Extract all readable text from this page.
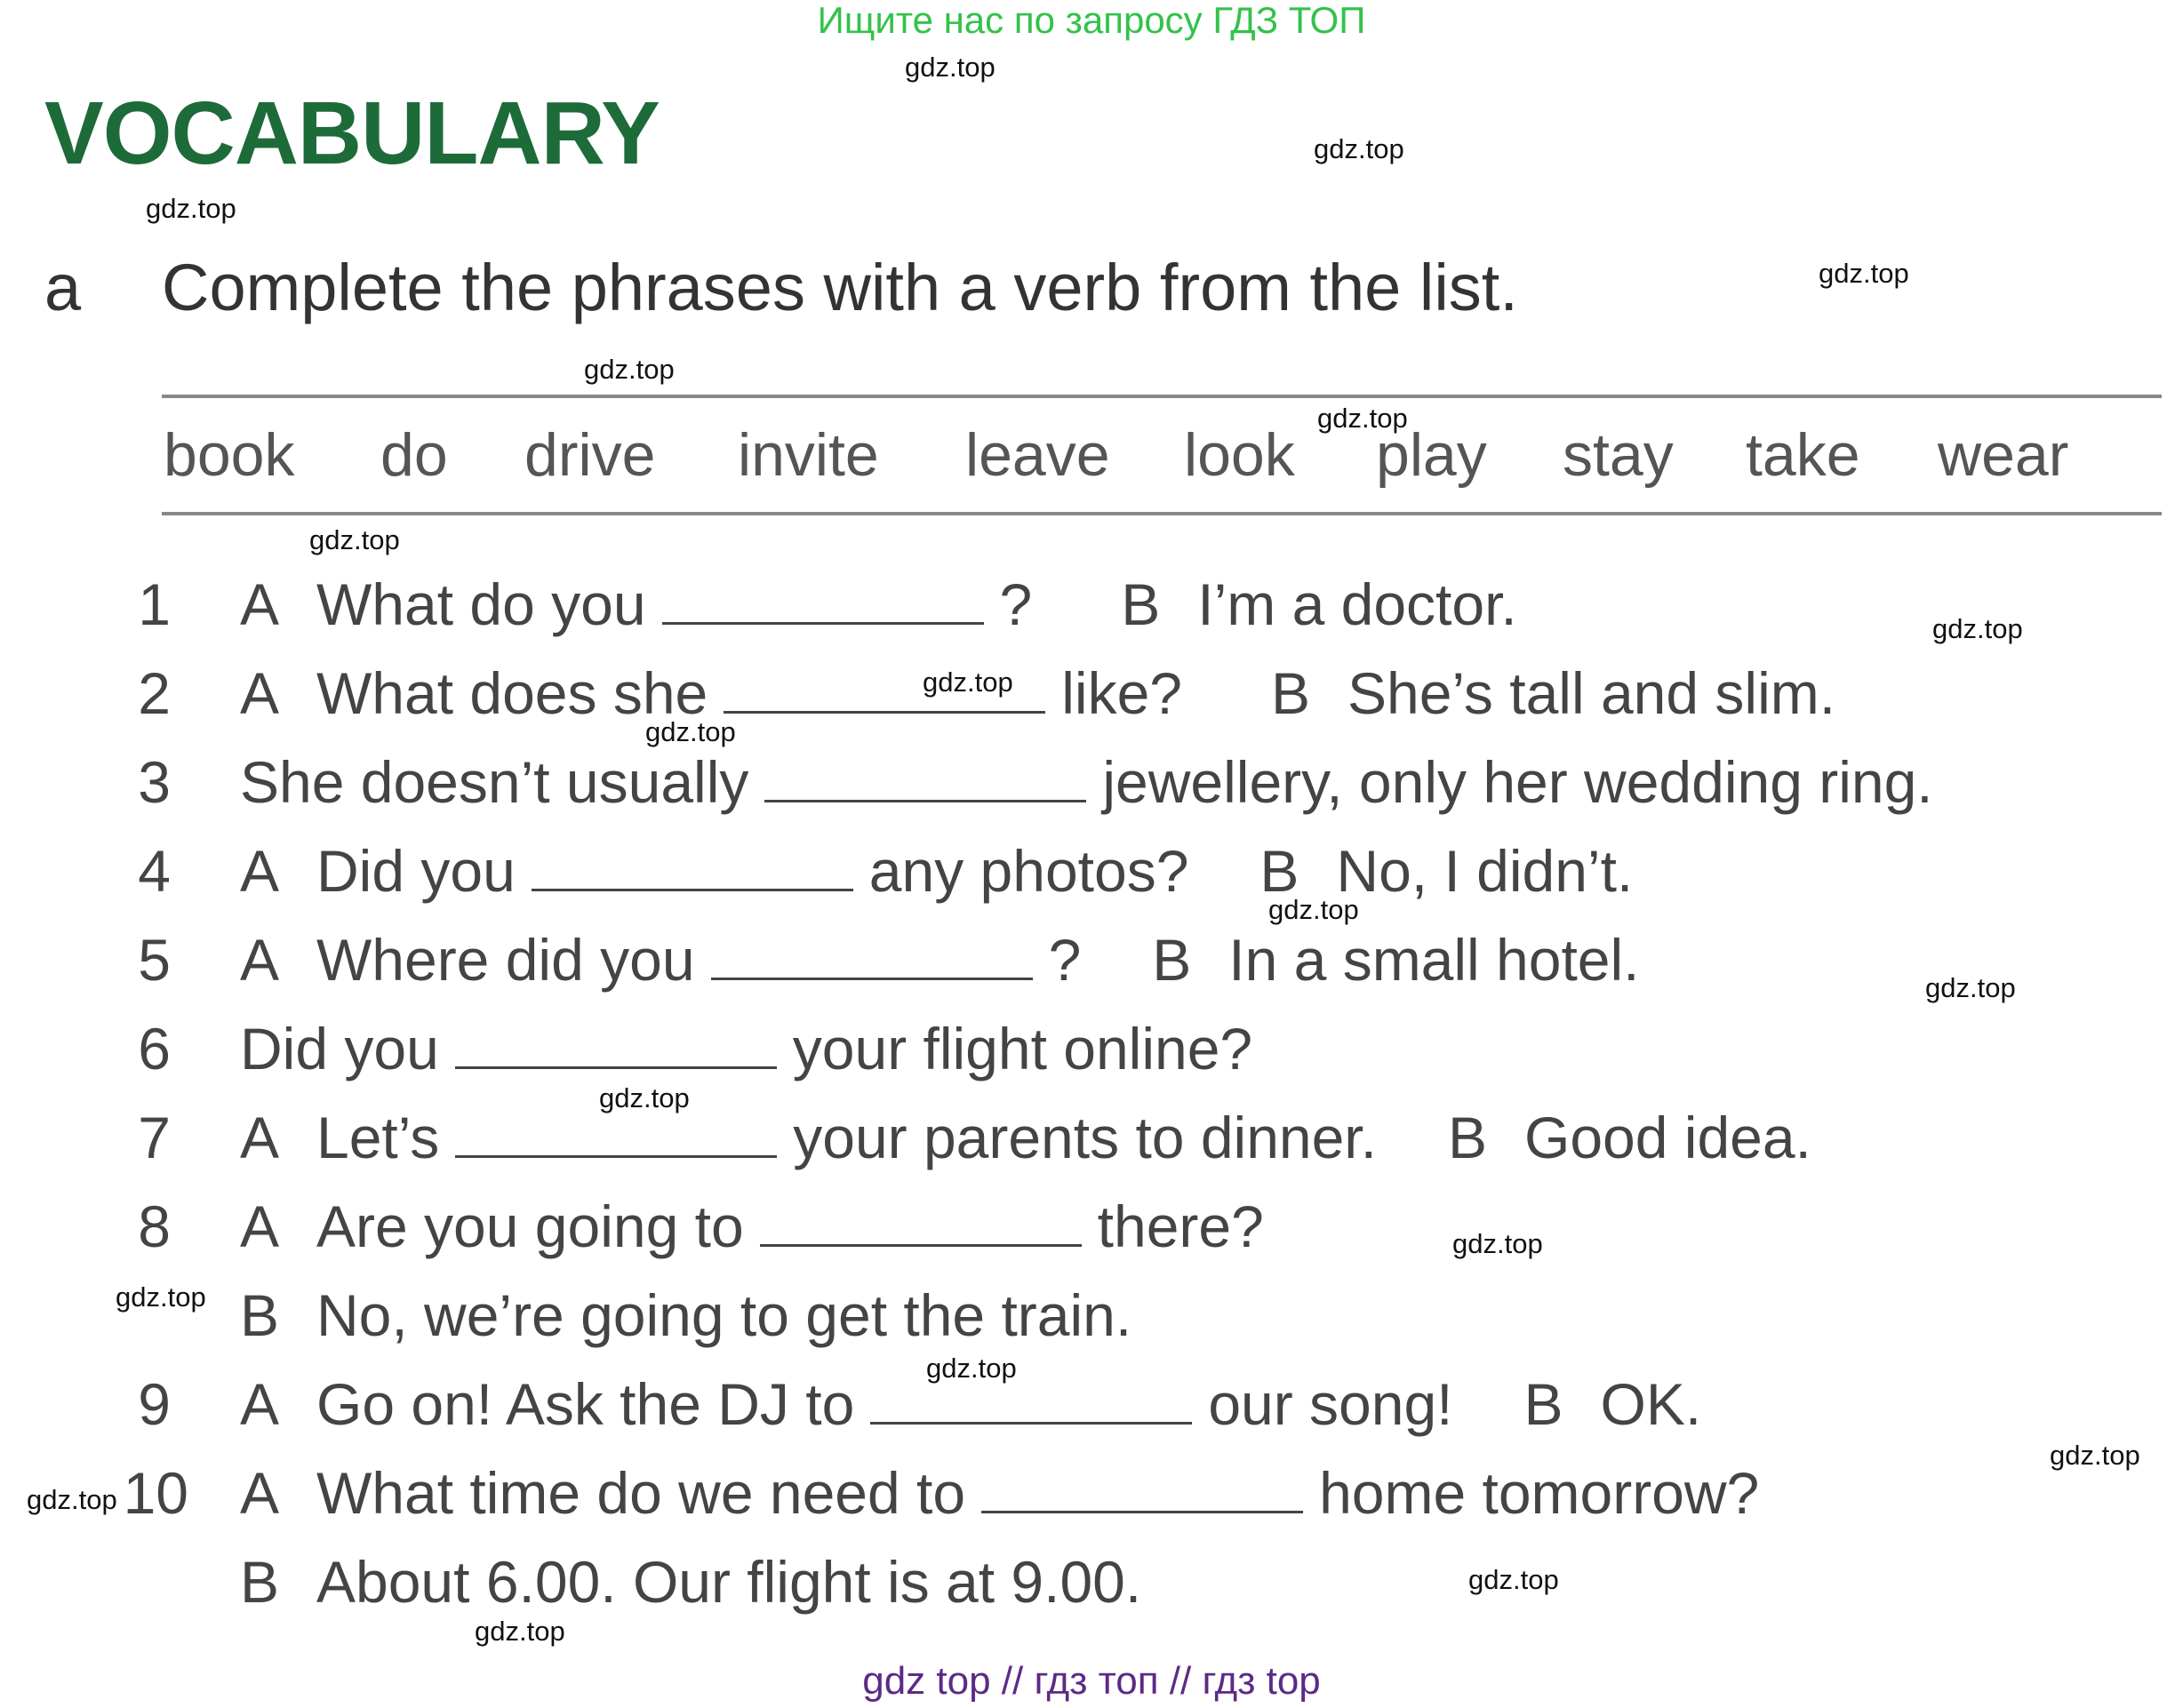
Ищите нас по запросу ГДЗ ТОП
VOCABULARY
a Complete the phrases with a verb from the list.
book do drive invite leave look play stay take wear
1 A What do you	? B I’m a doctor.
2 A What does she	like? B She’s tall and slim.
3 She doesn’t usually	jewellery, only her wedding ring.
4 A Did you	any photos? B No, I didn’t.
5 A Where did you	? B In a small hotel.
6 Did you	your flight online?
7 A Let’s	your parents to dinner. B Good idea.
8 A Are you going to	there?
B No, we’re going to get the train.
9 A Go on! Ask the DJ to	our song! B OK.
10 A What time do we need to	home tomorrow?
B About 6.00. Our flight is at 9.00.
gdz.top
gdz.top
gdz.top
gdz.top
gdz.top
gdz.top
gdz.top
gdz.top
gdz.top
gdz.top
gdz.top
gdz.top
gdz.top
gdz.top
gdz.top
gdz.top
gdz.top
gdz.top
gdz.top
gdz.top
gdz top // гдз топ // гдз top
